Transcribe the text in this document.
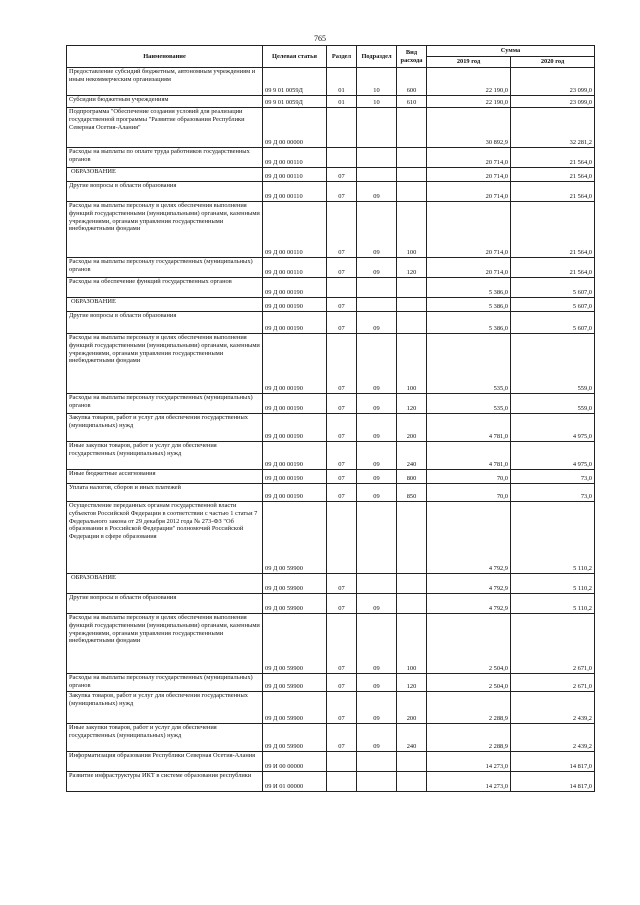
765
Наименование	Целевая статья	Раздел	Подраздел	Вид расхода	Сумма	
					2019 год	2020 год
Предоставление субсидий бюджетным, автономным учреждениям и иным некоммерческим организациям	09 9 01 0059Д	01	10	600	22 190,0	23 099,0
Субсидии бюджетным учреждениям	09 9 01 0059Д	01	10	610	22 190,0	23 099,0
Подпрограмма "Обеспечение создания условий для реализации государственной программы "Развитие образования Республики Северная Осетия-Алания"	09 Д 00 00000				30 892,9	32 281,2
Расходы на выплаты по оплате труда работников государственных органов	09 Д 00 00110				20 714,0	21 564,0
ОБРАЗОВАНИЕ	09 Д 00 00110	07			20 714,0	21 564,0
Другие вопросы в области образования	09 Д 00 00110	07	09		20 714,0	21 564,0
Расходы на выплаты персоналу в целях обеспечения выполнения функций государственными (муниципальными) органами, казенными учреждениями, органами управления государственными внебюджетными фондами	09 Д 00 00110	07	09	100	20 714,0	21 564,0
Расходы на выплаты персоналу государственных (муниципальных) органов	09 Д 00 00110	07	09	120	20 714,0	21 564,0
Расходы на обеспечение функций государственных органов	09 Д 00 00190				5 386,0	5 607,0
ОБРАЗОВАНИЕ	09 Д 00 00190	07			5 386,0	5 607,0
Другие вопросы в области образования	09 Д 00 00190	07	09		5 386,0	5 607,0
Расходы на выплаты персоналу в целях обеспечения выполнения функций государственными (муниципальными) органами, казенными учреждениями, органами управления государственными внебюджетными фондами	09 Д 00 00190	07	09	100	535,0	559,0
Расходы на выплаты персоналу государственных (муниципальных) органов	09 Д 00 00190	07	09	120	535,0	559,0
Закупка товаров, работ и услуг для обеспечения государственных (муниципальных) нужд	09 Д 00 00190	07	09	200	4 781,0	4 975,0
Иные закупки товаров, работ и услуг для обеспечения государственных (муниципальных) нужд	09 Д 00 00190	07	09	240	4 781,0	4 975,0
Иные бюджетные ассигнования	09 Д 00 00190	07	09	800	70,0	73,0
Уплата налогов, сборов и иных платежей	09 Д 00 00190	07	09	850	70,0	73,0
Осуществление переданных органам государственной власти субъектов Российской Федерации в соответствии с частью 1 статьи 7 Федерального закона от 29 декабря 2012 года № 273-ФЗ "Об образовании в Российской Федерации" полномочий Российской Федерации в сфере образования	09 Д 00 59900				4 792,9	5 110,2
ОБРАЗОВАНИЕ	09 Д 00 59900	07			4 792,9	5 110,2
Другие вопросы в области образования	09 Д 00 59900	07	09		4 792,9	5 110,2
Расходы на выплаты персоналу в целях обеспечения выполнения функций государственными (муниципальными) органами, казенными учреждениями, органами управления государственными внебюджетными фондами	09 Д 00 59900	07	09	100	2 504,0	2 671,0
Расходы на выплаты персоналу государственных (муниципальных) органов	09 Д 00 59900	07	09	120	2 504,0	2 671,0
Закупка товаров, работ и услуг для обеспечения государственных (муниципальных) нужд	09 Д 00 59900	07	09	200	2 288,9	2 439,2
Иные закупки товаров, работ и услуг для обеспечения государственных (муниципальных) нужд	09 Д 00 59900	07	09	240	2 288,9	2 439,2
Информатизация образования Республики Северная Осетия-Алания	09 И 00 00000				14 273,0	14 817,0
Развитие инфраструктуры ИКТ в системе образования республики	09 И 01 00000				14 273,0	14 817,0
